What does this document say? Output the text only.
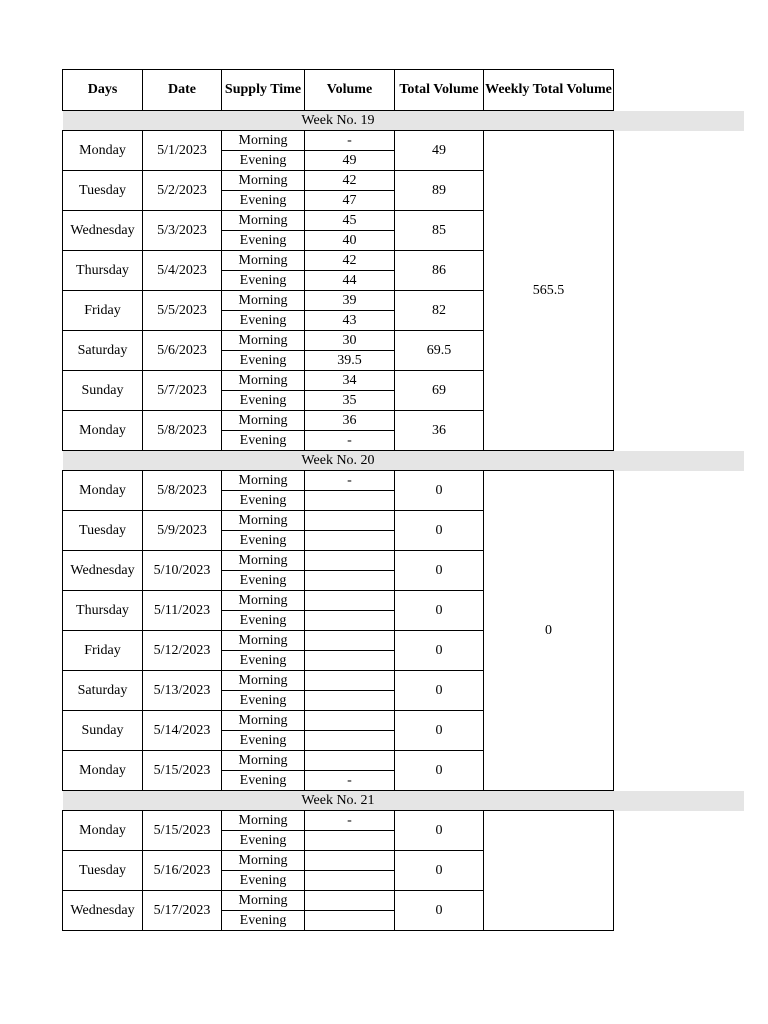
Days	Date	Supply Time	Volume	Total Volume	Weekly Total Volume
Week No. 19					
Monday	5/1/2023	Morning	-	49	565.5
		Evening	49		
Tuesday	5/2/2023	Morning	42	89	
		Evening	47		
Wednesday	5/3/2023	Morning	45	85	
		Evening	40		
Thursday	5/4/2023	Morning	42	86	
		Evening	44		
Friday	5/5/2023	Morning	39	82	
		Evening	43		
Saturday	5/6/2023	Morning	30	69.5	
		Evening	39.5		
Sunday	5/7/2023	Morning	34	69	
		Evening	35		
Monday	5/8/2023	Morning	36	36	
		Evening	-		
Week No. 20					
Monday	5/8/2023	Morning	-	0	0
		Evening			
Tuesday	5/9/2023	Morning		0	
		Evening			
Wednesday	5/10/2023	Morning		0	
		Evening			
Thursday	5/11/2023	Morning		0	
		Evening			
Friday	5/12/2023	Morning		0	
		Evening			
Saturday	5/13/2023	Morning		0	
		Evening			
Sunday	5/14/2023	Morning		0	
		Evening			
Monday	5/15/2023	Morning		0	
		Evening	-		
Week No. 21					
Monday	5/15/2023	Morning	-	0	
		Evening			
Tuesday	5/16/2023	Morning		0	
		Evening			
Wednesday	5/17/2023	Morning		0	
		Evening			
